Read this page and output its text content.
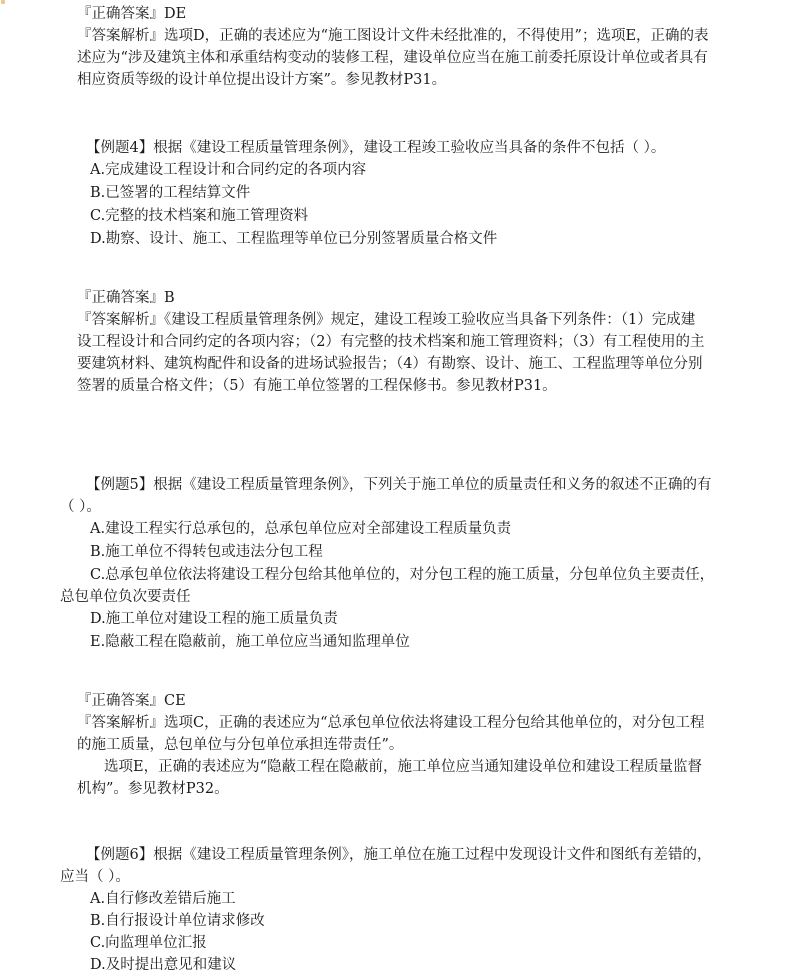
『正确答案』DE
『答案解析』选项D，正确的表述应为“施工图设计文件未经批准的，不得使用”；选项E，正确的表
述应为“涉及建筑主体和承重结构变动的装修工程，建设单位应当在施工前委托原设计单位或者具有
相应资质等级的设计单位提出设计方案”。参见教材P31。
【例题4】根据《建设工程质量管理条例》，建设工程竣工验收应当具备的条件不包括（ ）。
A.完成建设工程设计和合同约定的各项内容
B.已签署的工程结算文件
C.完整的技术档案和施工管理资料
D.勘察、设计、施工、工程监理等单位已分别签署质量合格文件
『正确答案』B
『答案解析』《建设工程质量管理条例》规定，建设工程竣工验收应当具备下列条件：（1）完成建
设工程设计和合同约定的各项内容；（2）有完整的技术档案和施工管理资料；（3）有工程使用的主
要建筑材料、建筑构配件和设备的进场试验报告；（4）有勘察、设计、施工、工程监理等单位分别
签署的质量合格文件；（5）有施工单位签署的工程保修书。参见教材P31。
【例题5】根据《建设工程质量管理条例》，下列关于施工单位的质量责任和义务的叙述不正确的有
（ ）。
A.建设工程实行总承包的，总承包单位应对全部建设工程质量负责
B.施工单位不得转包或违法分包工程
C.总承包单位依法将建设工程分包给其他单位的，对分包工程的施工质量，分包单位负主要责任，
总包单位负次要责任
D.施工单位对建设工程的施工质量负责
E.隐蔽工程在隐蔽前，施工单位应当通知监理单位
『正确答案』CE
『答案解析』选项C，正确的表述应为“总承包单位依法将建设工程分包给其他单位的，对分包工程
的施工质量，总包单位与分包单位承担连带责任”。
选项E，正确的表述应为“隐蔽工程在隐蔽前，施工单位应当通知建设单位和建设工程质量监督
机构”。参见教材P32。
【例题6】根据《建设工程质量管理条例》，施工单位在施工过程中发现设计文件和图纸有差错的，
应当（ ）。
A.自行修改差错后施工
B.自行报设计单位请求修改
C.向监理单位汇报
D.及时提出意见和建议
